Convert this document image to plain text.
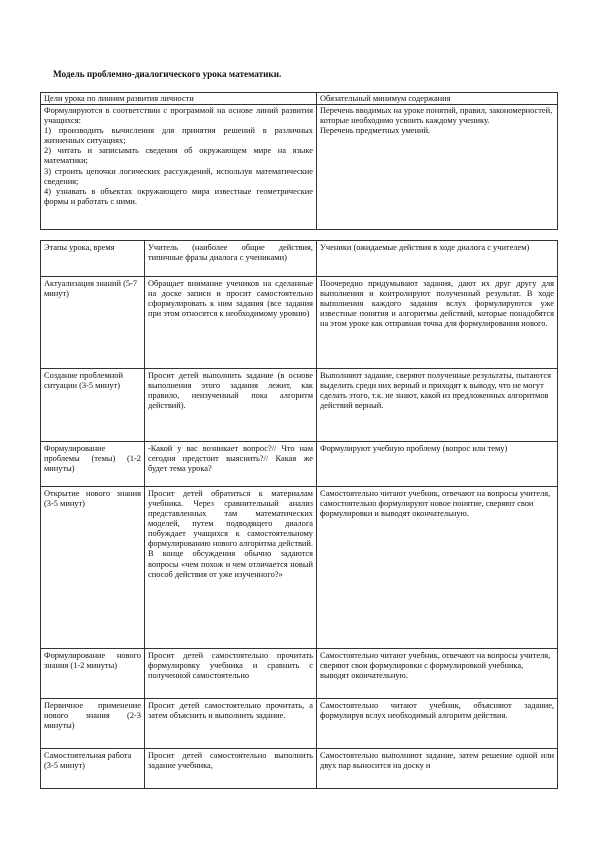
Модель проблемно-диалогического урока математики.
Цели урока по линиям развития личности	Обязательный минимум содержания
Формулируются в соответствии с программой на основе линий развития учащихся:
1) производить вычисления для принятия решений в различных жизненных ситуациях;
2) читать и записывать сведения об окружающем мире на языке математики;
3) строить цепочки логических рассуждений, используя математические сведения;
4) узнавать в объектах окружающего мира известные геометрические формы и работать с ними.	Перечень вводимых на уроке понятий, правил, закономерностей, которые необходимо усвоить каждому ученику.
Перечень предметных умений.
Этапы урока, время	Учитель (наиболее общие действия, типичные фразы диалога с учениками)	Ученики (ожидаемые действия в ходе диалога с учителем)
Актуализация знаний (5-7 минут)	Обращает внимание учеников на сделанные на доске записи и просит самостоятельно сформулировать к ним задания (все задания при этом относятся к необходимому уровню)	Поочередно придумывают задания, дают их друг другу для выполнения и контролируют полученный результат. В ходе выполнения каждого задания вслух формулируются уже известные понятия и алгоритмы действий, которые понадобятся на этом уроке как отправная точка для формулирования нового.
Создание проблемной ситуации (3-5 минут)	Просит детей выполнить задание (в основе выполнения этого задания лежит, как правило, неизученный пока алгоритм действий).	Выполняют задание, сверяют полученные результаты, пытаются выделить среди них верный и приходят к выводу, что не могут сделать этого, т.к. не знают, какой из предложенных алгоритмов действий верный.
Формулирование проблемы (темы) (1-2 минуты)	-Какой у вас возникает вопрос?// Что нам сегодня предстоит выяснить?// Какая же будет тема урока?	Формулируют учебную проблему (вопрос или тему)
Открытие нового знания (3-5 минут)	Просит детей обратиться к материалам учебника. Через сравнительный анализ представленных там математических моделей, путем подводящего диалога побуждает учащихся к самостоятельному формулированию нового алгоритма действий. В конце обсуждения обычно задаются вопросы «чем похож и чем отличается новый способ действия от уже изученного?»	Самостоятельно читают учебник, отвечают на вопросы учителя, самостоятельно формулируют новое понятие, сверяют свои формулировки и выводят окончательную.
Формулирование нового знания (1-2 минуты)	Просит детей самостоятельно прочитать формулировку учебника и сравнить с полученной самостоятельно	Самостоятельно читают учебник, отвечают на вопросы учителя, сверяют свои формулировки с формулировкой учебника, выводят окончательную.
Первичное применение нового знания (2-3 минуты)	Просит детей самостоятельно прочитать, а затем объяснить и выполнить задание.	Самостоятельно читают учебник, объясняют задание, формулируя вслух необходимый алгоритм действия.
Самостоятельная работа (3-5 минут)	Просит детей самостоятельно выполнить задание учебника,	Самостоятельно выполняют задание, затем решение одной или двух пар выносится на доску и
